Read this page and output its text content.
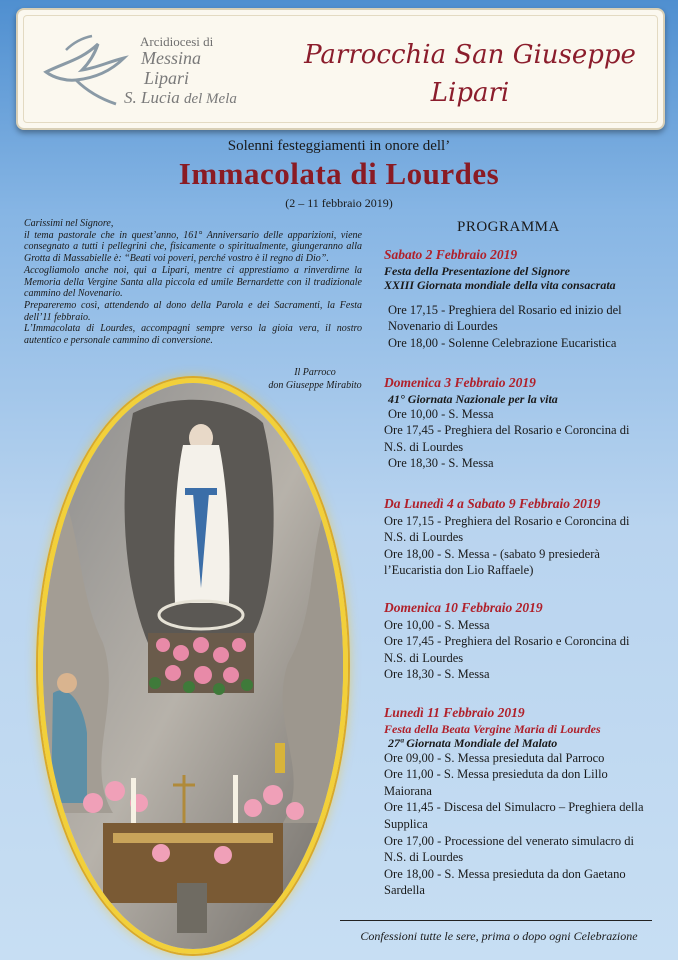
Arcidiocesi di
Messina
Lipari
S. Lucia del Mela
Parrocchia San Giuseppe
Lipari
Solenni festeggiamenti in onore dell’
Immacolata di Lourdes
(2 – 11 febbraio 2019)

Carissimi nel Signore,

il tema pastorale che in quest’anno, 161° Anniversario delle apparizioni, viene consegnato a tutti i pellegrini che, fisicamente o spiritualmente, giungeranno alla Grotta di Massabielle è: “Beati voi poveri, perché vostro è il regno di Dio”.

Accogliamolo anche noi, qui a Lipari, mentre ci apprestiamo a rinverdirne la Memoria della Vergine Santa alla piccola ed umile Bernardette con il tradizionale cammino del Novenario.

Prepareremo così, attendendo al dono della Parola e dei Sacramenti, la Festa dell’11 febbraio.

L’Immacolata di Lourdes, accompagni sempre verso la gioia vera, il nostro autentico e personale cammino di conversione.

Il Parroco
don Giuseppe Mirabito
PROGRAMMA
Sabato 2 Febbraio 2019
Festa della Presentazione del Signore
XXIII Giornata mondiale della vita consacrata

Ore 17,15 - Preghiera del Rosario ed inizio del Novenario di Lourdes

Ore 18,00 - Solenne Celebrazione Eucaristica

Domenica 3 Febbraio 2019
41° Giornata Nazionale per la vita

Ore 10,00 - S. Messa

Ore 17,45 - Preghiera del Rosario e Coroncina di N.S. di Lourdes

Ore 18,30 - S. Messa

Da Lunedì 4 a Sabato 9 Febbraio 2019

Ore 17,15 - Preghiera del Rosario e Coroncina di N.S. di Lourdes

Ore 18,00 - S. Messa - (sabato 9 presiederà l’Eucaristia don Lio Raffaele)

Domenica 10 Febbraio 2019

Ore 10,00 - S. Messa

Ore 17,45 - Preghiera del Rosario e Coroncina di N.S. di Lourdes

Ore 18,30 - S. Messa

Lunedì 11 Febbraio 2019
Festa della Beata Vergine Maria di Lourdes
27ª Giornata Mondiale del Malato

Ore 09,00 - S. Messa presieduta dal Parroco

Ore 11,00 - S. Messa presieduta da don Lillo Maiorana

Ore 11,45 - Discesa del Simulacro – Preghiera della Supplica

Ore 17,00 - Processione del venerato simulacro di N.S. di Lourdes

Ore 18,00 - S. Messa presieduta da don Gaetano Sardella

Confessioni tutte le sere, prima o dopo ogni Celebrazione
